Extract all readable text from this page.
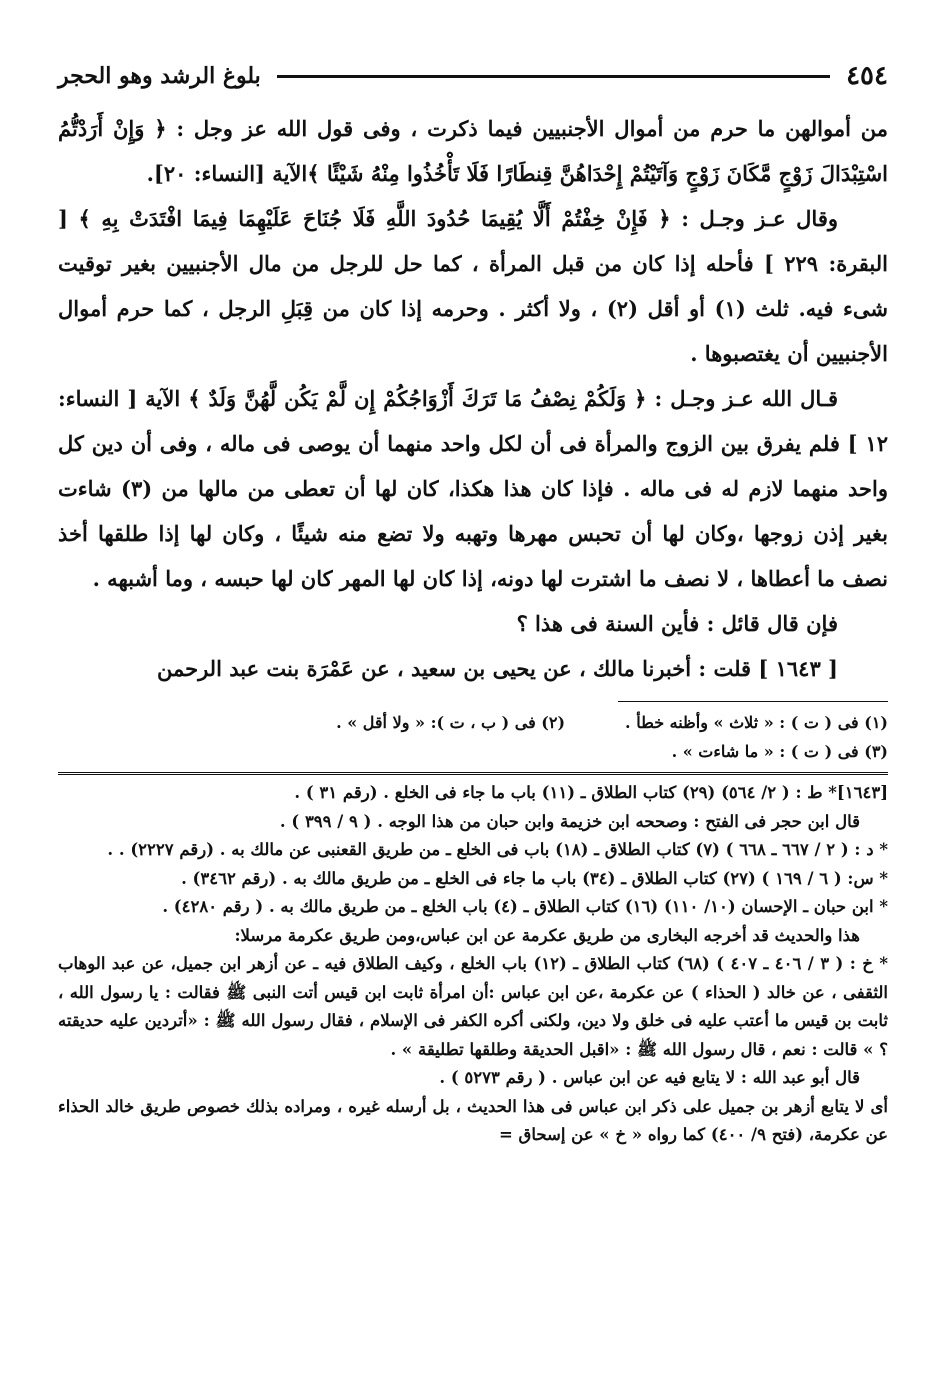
٤٥٤
بلوغ الرشد وهو الحجر

من أموالهن ما حرم من أموال الأجنبيين فيما ذكرت ، وفى قول الله عز وجل : ﴿ وَإِنْ أَرَدْتُّمُ اسْتِبْدَالَ زَوْجٍ مَّكَانَ زَوْجٍ وَآتَيْتُمْ إِحْدَاهُنَّ قِنطَارًا فَلَا تَأْخُذُوا مِنْهُ شَيْئًا ﴾الآية [النساء: ٢٠].

وقال عـز وجـل : ﴿ فَإِنْ خِفْتُمْ أَلَّا يُقِيمَا حُدُودَ اللَّهِ فَلَا جُنَاحَ عَلَيْهِمَا فِيمَا افْتَدَتْ بِهِ ﴾ [ البقرة: ٢٢٩ ] فأحله إذا كان من قبل المرأة ، كما حل للرجل من مال الأجنبيين بغير توقيت شىء فيه. ثلث (١) أو أقل (٢) ، ولا أكثر . وحرمه إذا كان من قِبَلِ الرجل ، كما حرم أموال الأجنبيين أن يغتصبوها .

قـال الله عـز وجـل : ﴿ وَلَكُمْ نِصْفُ مَا تَرَكَ أَزْوَاجُكُمْ إِن لَّمْ يَكُن لَّهُنَّ وَلَدٌ ﴾ الآية [ النساء: ١٢ ] فلم يفرق بين الزوج والمرأة فى أن لكل واحد منهما أن يوصى فى ماله ، وفى أن دين كل واحد منهما لازم له فى ماله . فإذا كان هذا هكذا، كان لها أن تعطى من مالها من (٣) شاءت بغير إذن زوجها ،وكان لها أن تحبس مهرها وتهبه ولا تضع منه شيئًا ، وكان لها إذا طلقها أخذ نصف ما أعطاها ، لا نصف ما اشترت لها دونه، إذا كان لها المهر كان لها حبسه ، وما أشبهه .

فإن قال قائل : فأين السنة فى هذا ؟

[ ١٦٤٣ ] قلت : أخبرنا مالك ، عن يحيى بن سعيد ، عن عَمْرَة بنت عبد الرحمن

(١) فى ( ت ) : « ثلاث » وأظنه خطأ .
(٢) فى ( ب ، ت ): « ولا أقل » .
(٣) فى ( ت ) : « ما شاءت » .

[١٦٤٣]* ط : ( ٢/ ٥٦٤) (٢٩) كتاب الطلاق ـ (١١) باب ما جاء فى الخلع . (رقم ٣١ ) .

قال ابن حجر فى الفتح : وصححه ابن خزيمة وابن حبان من هذا الوجه . ( ٩ / ٣٩٩ ) .

* د : ( ٢ / ٦٦٧ ـ ٦٦٨ ) (٧) كتاب الطلاق ـ (١٨) باب فى الخلع ـ من طريق القعنبى عن مالك به . (رقم ٢٢٢٧) . .

* س: ( ٦ / ١٦٩ ) (٢٧) كتاب الطلاق ـ (٣٤) باب ما جاء فى الخلع ـ من طريق مالك به . (رقم ٣٤٦٢) .

* ابن حبان ـ الإحسان (١٠/ ١١٠) (١٦) كتاب الطلاق ـ (٤) باب الخلع ـ من طريق مالك به . ( رقم ٤٢٨٠) .

هذا والحديث قد أخرجه البخارى من طريق عكرمة عن ابن عباس،ومن طريق عكرمة مرسلا:

* خ : ( ٣ / ٤٠٦ ـ ٤٠٧ ) (٦٨) كتاب الطلاق ـ (١٢) باب الخلع ، وكيف الطلاق فيه ـ عن أزهر ابن جميل، عن عبد الوهاب الثقفى ، عن خالد ( الحذاء ) عن عكرمة ،عن ابن عباس :أن امرأة ثابت ابن قيس أتت النبى ﷺ فقالت : يا رسول الله ، ثابت بن قيس ما أعتب عليه فى خلق ولا دين، ولكنى أكره الكفر فى الإسلام ، فقال رسول الله ﷺ : «أتردين عليه حديقته ؟ » قالت : نعم ، قال رسول الله ﷺ : «اقبل الحديقة وطلقها تطليقة » .

قال أبو عبد الله : لا يتابع فيه عن ابن عباس . ( رقم ٥٢٧٣ ) .

أى لا يتابع أزهر بن جميل على ذكر ابن عباس فى هذا الحديث ، بل أرسله غيره ، ومراده بذلك خصوص طريق خالد الحذاء عن عكرمة، (فتح ٩/ ٤٠٠) كما رواه « خ » عن إسحاق =
